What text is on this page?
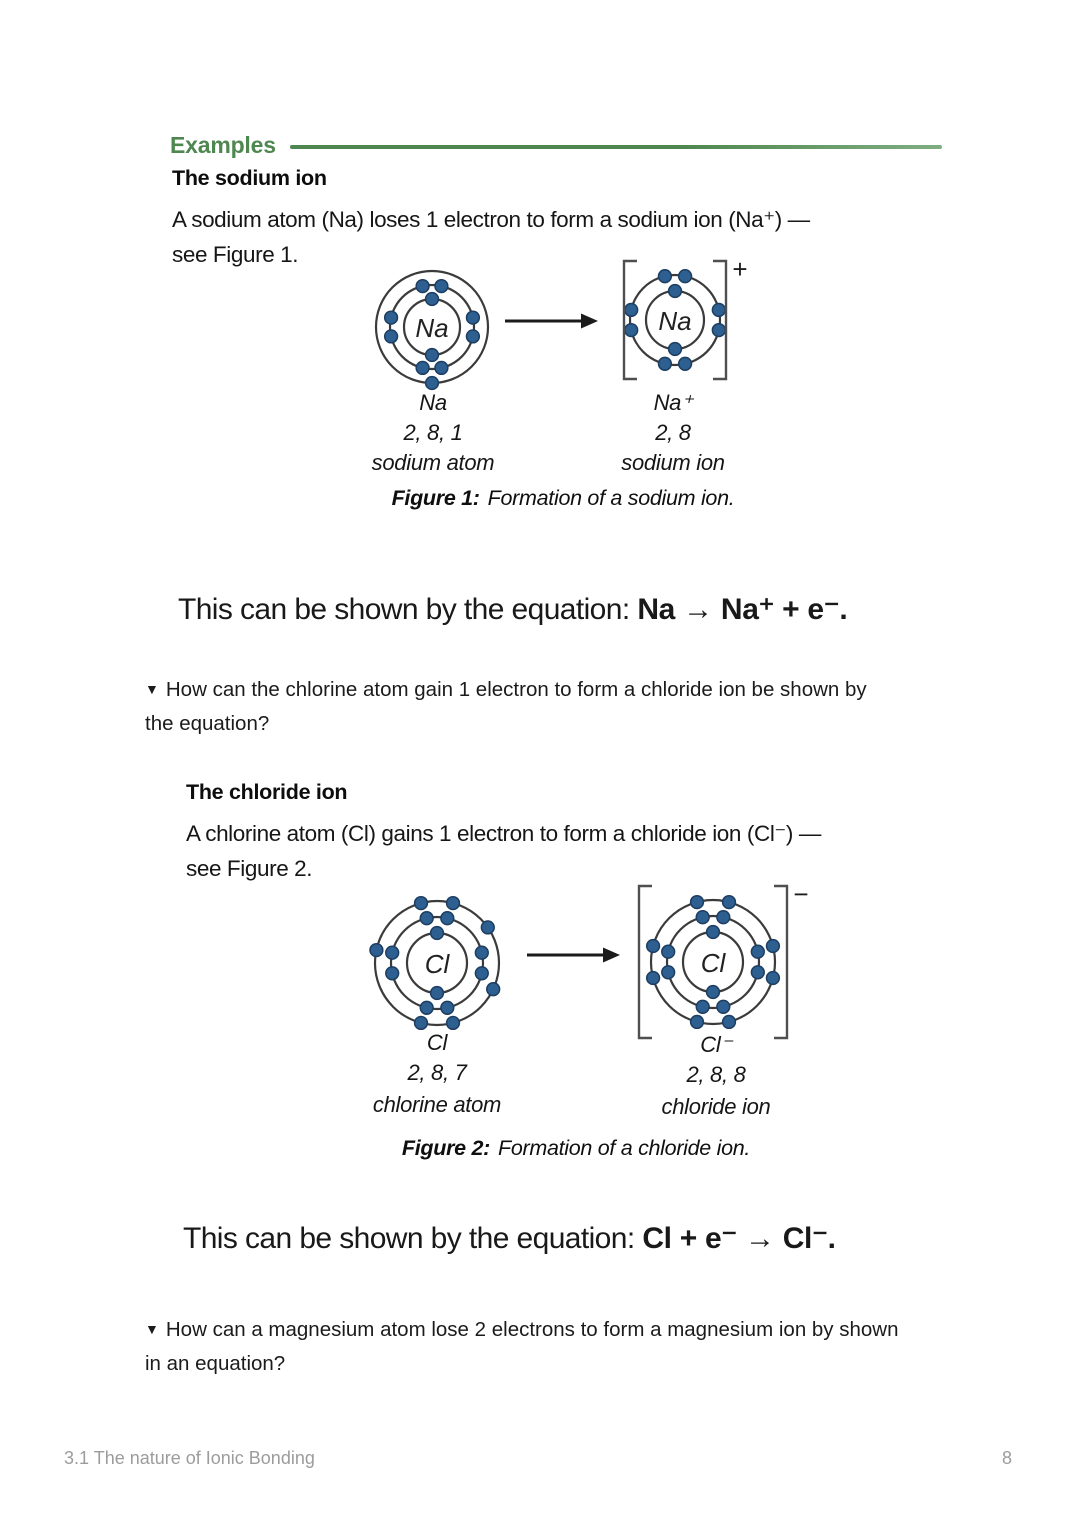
Examples
The sodium ion
A sodium atom (Na) loses 1 electron to form a sodium ion (Na⁺) —
see Figure 1.
Na	Na
+
Na
2, 8, 1
sodium atom
Na⁺
2, 8
sodium ion
Figure 1: Formation of a sodium ion.
This can be shown by the equation: Na → Na⁺ + e⁻.
▼ How can the chlorine atom gain 1 electron to form a chloride ion be shown by
the equation?
The chloride ion
A chlorine atom (Cl) gains 1 electron to form a chloride ion (Cl⁻) —
see Figure 2.
Cl	Cl
−
Cl
2, 8, 7
chlorine atom
Cl⁻
2, 8, 8
chloride ion
Figure 2: Formation of a chloride ion.
This can be shown by the equation: Cl + e⁻ → Cl⁻.
▼ How can a magnesium atom lose 2 electrons to form a magnesium ion by shown
in an equation?
3.1 The nature of Ionic Bonding	8
